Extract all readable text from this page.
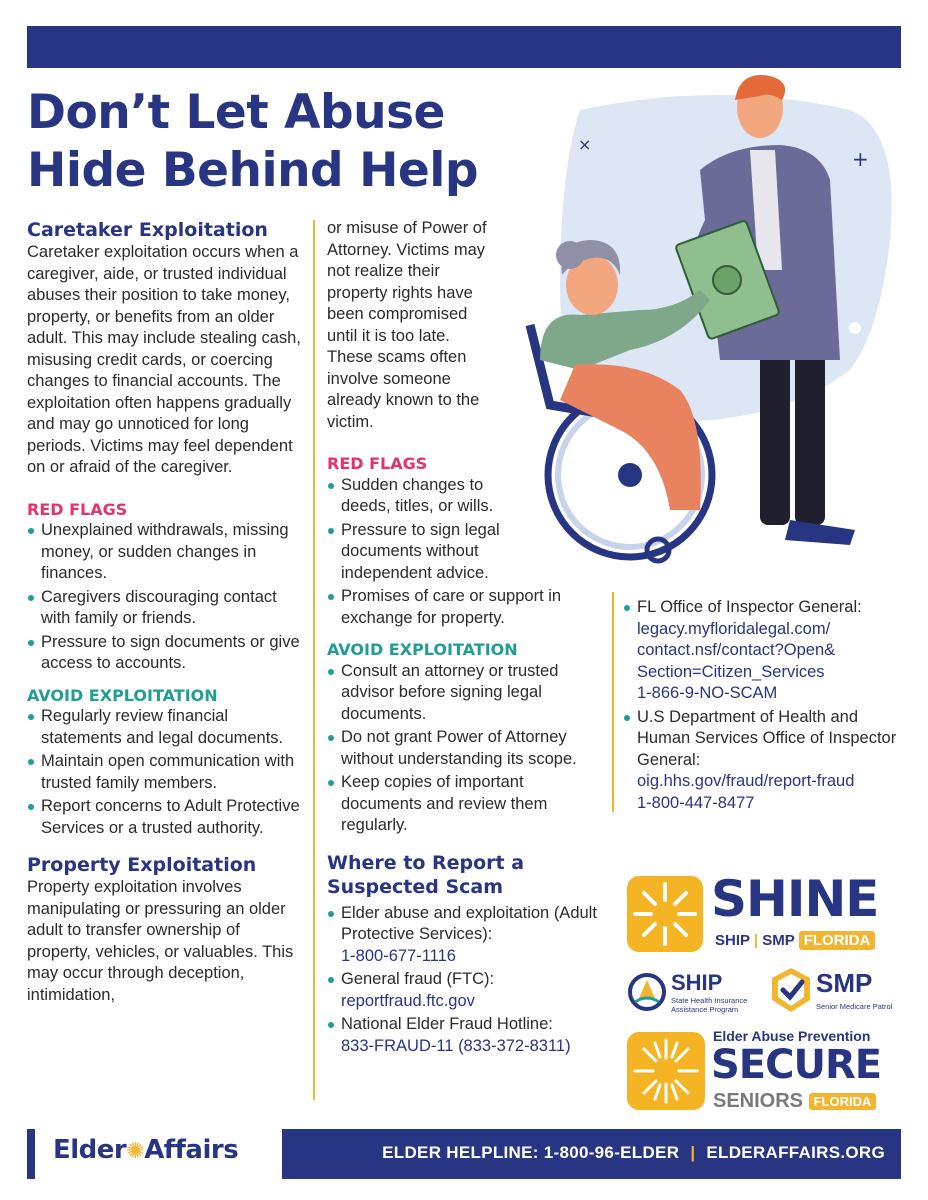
Don’t Let Abuse
Hide Behind Help	×
+
Caretaker Exploitation

Caretaker exploitation occurs when a caregiver, aide, or trusted individual abuses their position to take money, property, or benefits from an older adult. This may include stealing cash, misusing credit cards, or coercing changes to financial accounts. The exploitation often happens gradually and may go unnoticed for long periods. Victims may feel dependent on or afraid of the caregiver.

RED FLAGS

Unexplained withdrawals, missing money, or sudden changes in finances.
Caregivers discouraging contact with family or friends.
Pressure to sign documents or give access to accounts.

AVOID EXPLOITATION

Regularly review financial statements and legal documents.
Maintain open communication with trusted family members.
Report concerns to Adult Protective Services or a trusted authority.
Property Exploitation

Property exploitation involves manipulating or pressuring an older adult to transfer ownership of property, vehicles, or valuables. This may occur through deception, intimidation,

or misuse of Power of Attorney. Victims may not realize their property rights have been compromised until it is too late. These scams often involve someone already known to the victim.

RED FLAGS

Sudden changes to deeds, titles, or wills.
Pressure to sign legal documents without independent advice.
Promises of care or support in exchange for property.

AVOID EXPLOITATION

Consult an attorney or trusted advisor before signing legal documents.
Do not grant Power of Attorney without understanding its scope.
Keep copies of important documents and review them regularly.
Where to Report a Suspected Scam
Elder abuse and exploitation (Adult Protective Services):
1-800-677-1116
General fraud (FTC):
reportfraud.ftc.gov
National Elder Fraud Hotline:
833-FRAUD-11 (833-372-8311)
FL Office of Inspector General:
legacy.myfloridalegal.com/
contact.nsf/contact?Open&
Section=Citizen_Services
1-866-9-NO-SCAM
U.S Department of Health and Human Services Office of Inspector General:
oig.hhs.gov/fraud/report-fraud
1-800-447-8477
SHINE
SHIP | SMP FLORIDA
SHIP
State Health Insurance
Assistance Program
SMP
Senior Medicare Patrol
Elder Abuse Prevention
SECURE
SENIORS FLORIDA
Elder✺Affairs	ELDER HELPLINE: 1-800-96-ELDER | ELDERAFFAIRS.ORG
